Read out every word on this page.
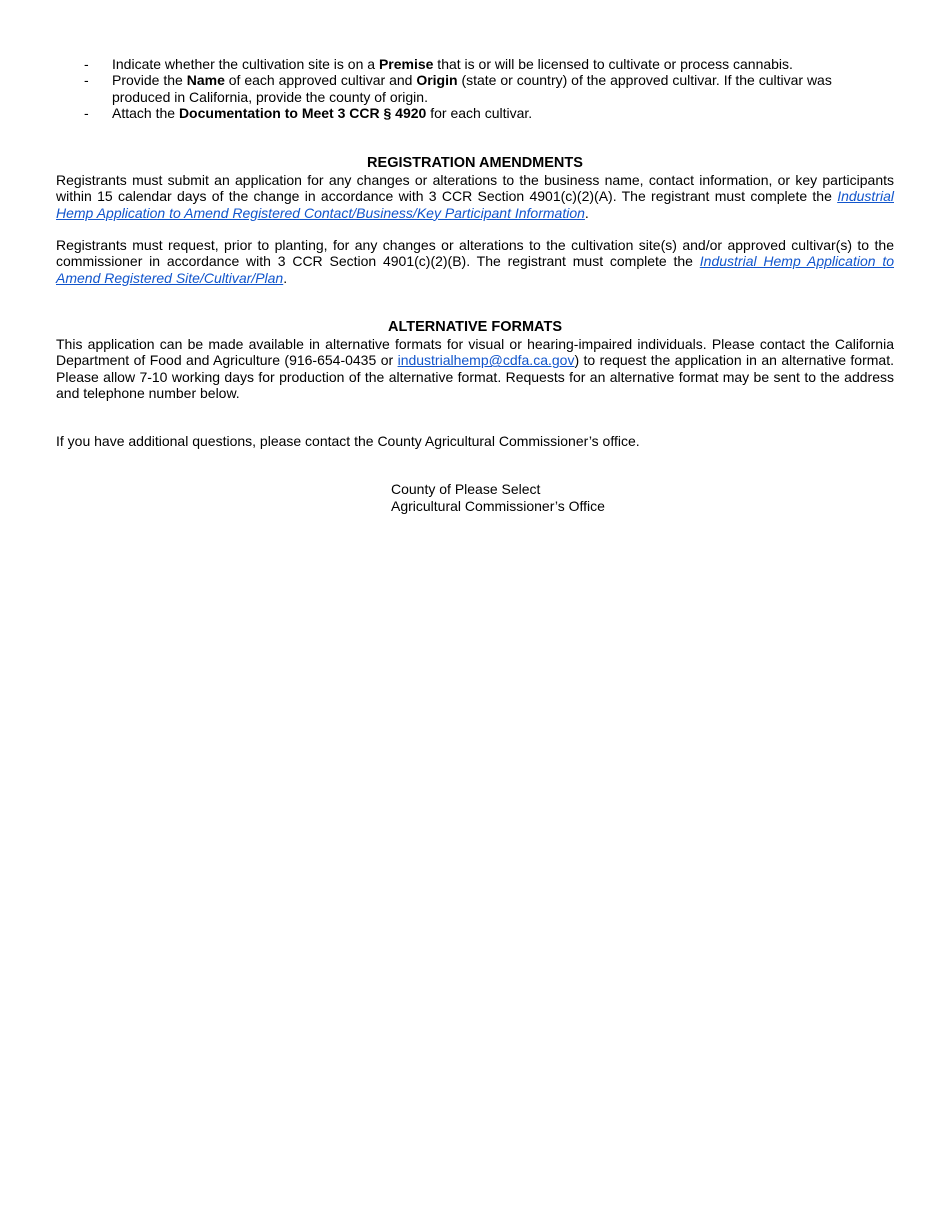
- Indicate whether the cultivation site is on a Premise that is or will be licensed to cultivate or process cannabis.
- Provide the Name of each approved cultivar and Origin (state or country) of the approved cultivar. If the cultivar was produced in California, provide the county of origin.
- Attach the Documentation to Meet 3 CCR § 4920 for each cultivar.
REGISTRATION AMENDMENTS

Registrants must submit an application for any changes or alterations to the business name, contact information, or key participants within 15 calendar days of the change in accordance with 3 CCR Section 4901(c)(2)(A). The registrant must complete the Industrial Hemp Application to Amend Registered Contact/Business/Key Participant Information.

Registrants must request, prior to planting, for any changes or alterations to the cultivation site(s) and/or approved cultivar(s) to the commissioner in accordance with 3 CCR Section 4901(c)(2)(B). The registrant must complete the Industrial Hemp Application to Amend Registered Site/Cultivar/Plan.

ALTERNATIVE FORMATS

This application can be made available in alternative formats for visual or hearing-impaired individuals. Please contact the California Department of Food and Agriculture (916-654-0435 or industrialhemp@cdfa.ca.gov) to request the application in an alternative format. Please allow 7-10 working days for production of the alternative format. Requests for an alternative format may be sent to the address and telephone number below.

If you have additional questions, please contact the County Agricultural Commissioner’s office.

County of Please Select
Agricultural Commissioner’s Office
